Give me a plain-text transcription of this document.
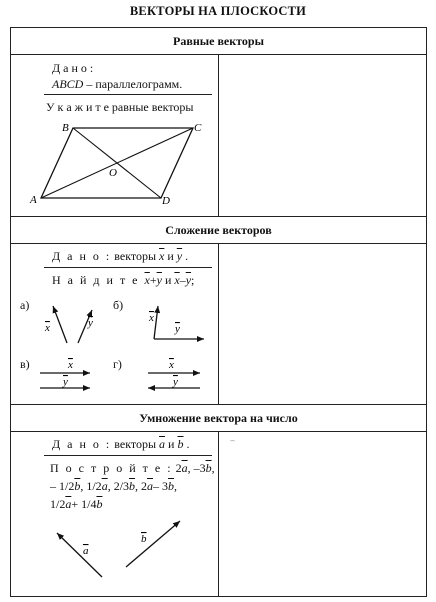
ВЕКТОРЫ НА ПЛОСКОСТИ
Равные векторы
Сложение векторов
Умножение вектора на число
Д а н о :
ABCD – параллелограмм.
У к а ж и т е равные векторы
A
B	C
D
O
Д а н о : векторы $\overline{x}$ и $\overline{y}$ .
Н а й д и т е $\overline{x}+\overline{y}$ и $\overline{x}-\overline{y}$;
а)	б)
в)	г)
x	y	x
y
x
y
x
y
Д а н о : векторы $\overline{a}$ и $\overline{b}$ .
П о с т р о й т е : $2\overline{a}$, $-3\overline{b}$,
– $1/2\overline{b}$, $1/2\overline{a}$, $2/3\overline{b}$, $2\overline{a}-$ $3\overline{b}$,
$1/2\overline{a}+ 1/4\overline{b}$
a
b
